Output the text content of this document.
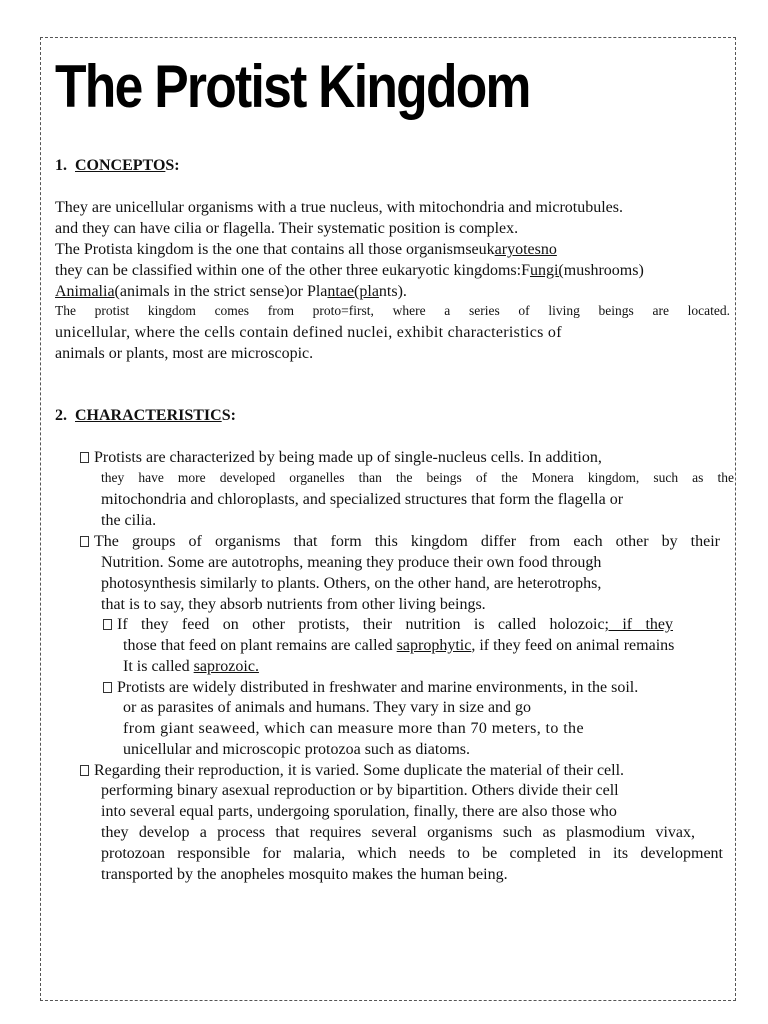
The Protist Kingdom
1. CONCEPTOS:
They are unicellular organisms with a true nucleus, with mitochondria and microtubules.
and they can have cilia or flagella. Their systematic position is complex.
The Protista kingdom is the one that contains all those organismseukaryotesno
they can be classified within one of the other three eukaryotic kingdoms:Fungi(mushrooms)
Animalia(animals in the strict sense)or Plantae(plants).
The protist kingdom comes from proto=first, where a series of living beings are located.
unicellular, where the cells contain defined nuclei, exhibit characteristics of
animals or plants, most are microscopic.
2. CHARACTERISTICS:
Protists are characterized by being made up of single-nucleus cells. In addition,
they have more developed organelles than the beings of the Monera kingdom, such as the
mitochondria and chloroplasts, and specialized structures that form the flagella or
the cilia.
The groups of organisms that form this kingdom differ from each other by their
Nutrition. Some are autotrophs, meaning they produce their own food through
photosynthesis similarly to plants. Others, on the other hand, are heterotrophs,
that is to say, they absorb nutrients from other living beings.
If they feed on other protists, their nutrition is called holozoic; if they
those that feed on plant remains are called saprophytic, if they feed on animal remains
It is called saprozoic.
Protists are widely distributed in freshwater and marine environments, in the soil.
or as parasites of animals and humans. They vary in size and go
from giant seaweed, which can measure more than 70 meters, to the
unicellular and microscopic protozoa such as diatoms.
Regarding their reproduction, it is varied. Some duplicate the material of their cell.
performing binary asexual reproduction or by bipartition. Others divide their cell
into several equal parts, undergoing sporulation, finally, there are also those who
they develop a process that requires several organisms such as plasmodium vivax,
protozoan responsible for malaria, which needs to be completed in its development
transported by the anopheles mosquito makes the human being.
